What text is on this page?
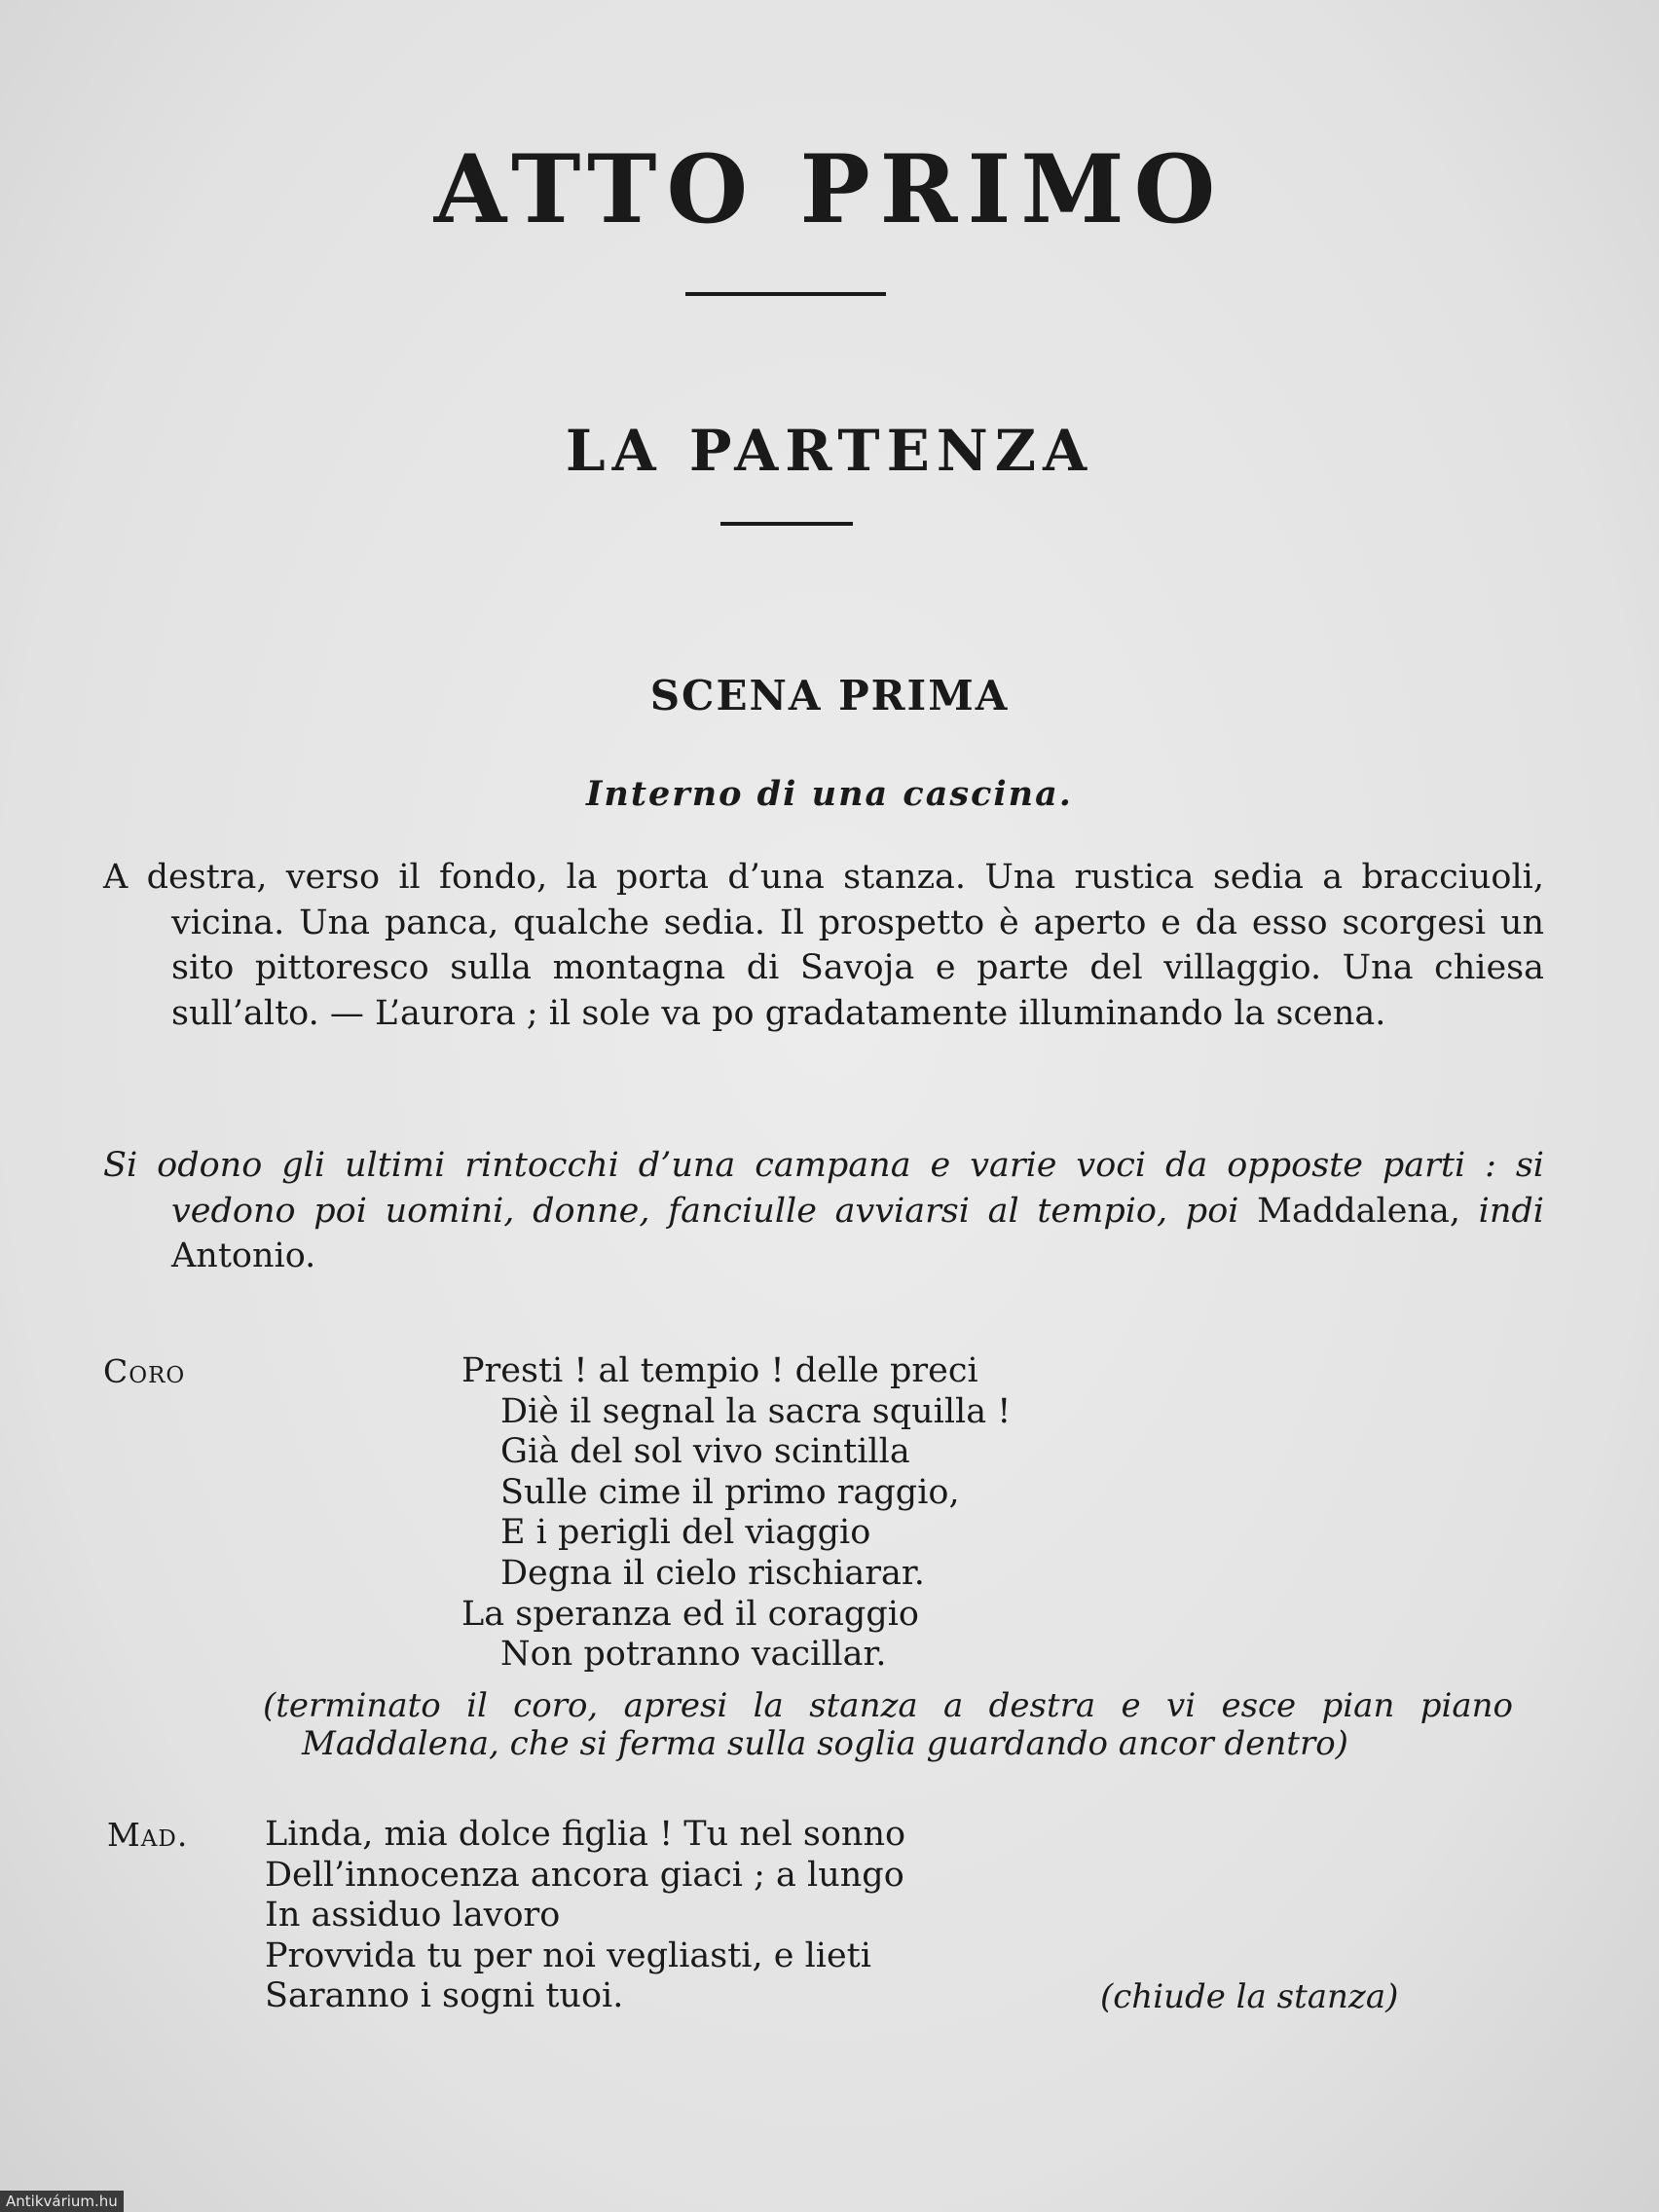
ATTO PRIMO
LA PARTENZA
SCENA PRIMA
Interno di una cascina.

A destra, verso il fondo, la porta d’una stanza. Una rustica sedia a bracciuoli, vicina. Una panca, qualche sedia. Il prospetto è aperto e da esso scorgesi un sito pittoresco sulla montagna di Savoja e parte del villaggio. Una chiesa sull’alto. — L’aurora ; il sole va po gradatamente illuminando la scena.

Si odono gli ultimi rintocchi d’una campana e varie voci da opposte parti : si vedono poi uomini, donne, fanciulle avviarsi al tempio, poi Maddalena, indi Antonio.

Coro	Presti ! al tempio ! delle preci
Diè il segnal la sacra squilla !
Già del sol vivo scintilla
Sulle cime il primo raggio,
E i perigli del viaggio
Degna il cielo rischiarar.
La speranza ed il coraggio
Non potranno vacillar.

(terminato il coro, apresi la stanza a destra e vi esce pian piano Maddalena, che si ferma sulla soglia guardando ancor dentro)

Mad. Linda, mia dolce figlia ! Tu nel sonno
Dell’innocenza ancora giaci ; a lungo
In assiduo lavoro
Provvida tu per noi vegliasti, e lieti
Saranno i sogni tuoi.	(chiude la stanza)
Antikvárium.hu
